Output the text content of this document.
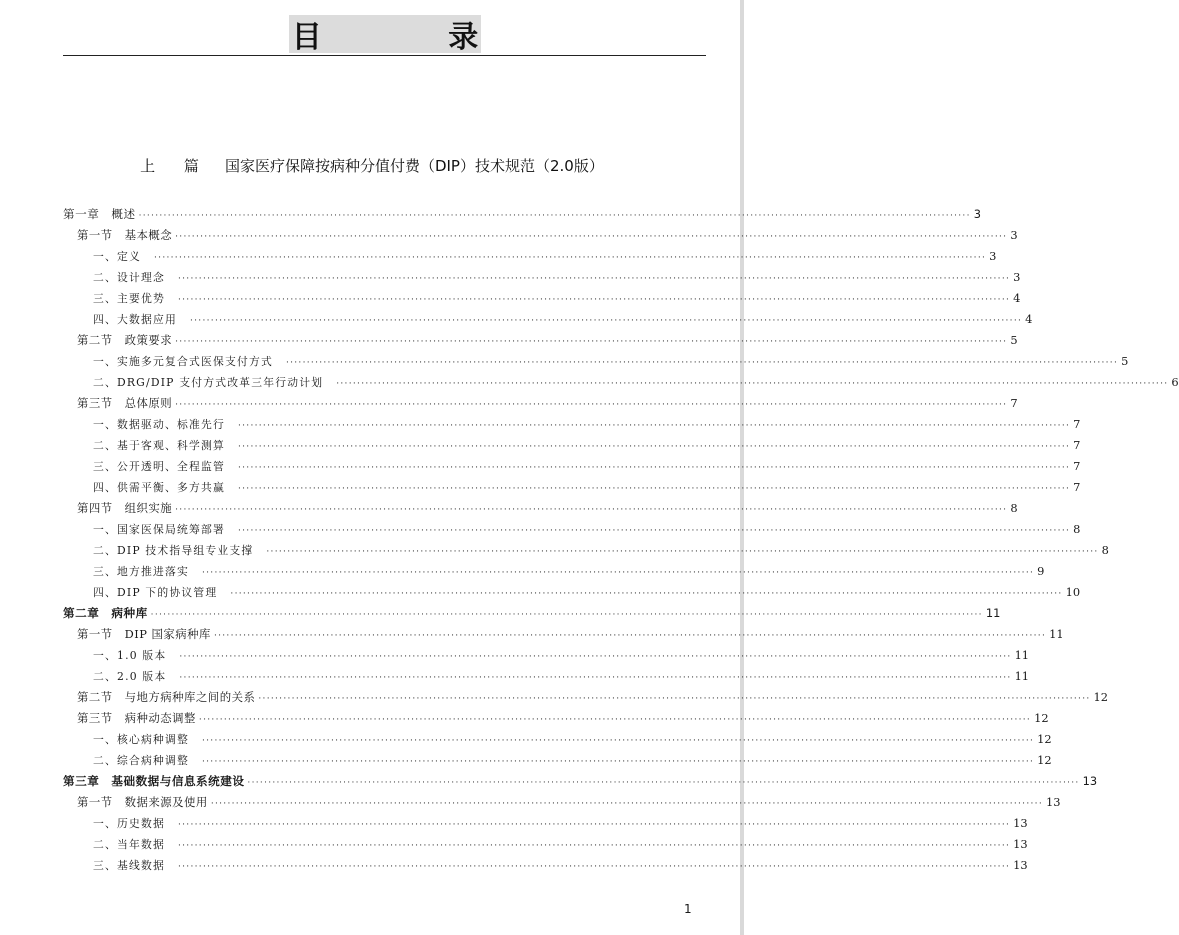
目 录
上 篇 国家医疗保障按病种分值付费（DIP）技术规范（2.0版）
第一章　概述 ········································································································································································································ 3
第一节　基本概念 ········································································································································································································ 3
一、定义	········································································································································································································ 3
二、设计理念	········································································································································································································ 3
三、主要优势	········································································································································································································ 4
四、大数据应用	········································································································································································································ 4
第二节　政策要求 ········································································································································································································ 5
一、实施多元复合式医保支付方式	········································································································································································································ 5
二、DRG/DIP 支付方式改革三年行动计划	········································································································································································································ 6
第三节　总体原则 ········································································································································································································ 7
一、数据驱动、标准先行	········································································································································································································ 7
二、基于客观、科学测算	········································································································································································································ 7
三、公开透明、全程监管	········································································································································································································ 7
四、供需平衡、多方共赢	········································································································································································································ 7
第四节　组织实施 ········································································································································································································ 8
一、国家医保局统筹部署	········································································································································································································ 8
二、DIP 技术指导组专业支撑	········································································································································································································ 8
三、地方推进落实	········································································································································································································ 9
四、DIP 下的协议管理	········································································································································································································ 10
第二章　病种库 ········································································································································································································ 11
第一节　DIP 国家病种库 ········································································································································································································ 11
一、1.0 版本	········································································································································································································ 11
二、2.0 版本	········································································································································································································ 11
第二节　与地方病种库之间的关系 ········································································································································································································ 12
第三节　病种动态调整 ········································································································································································································ 12
一、核心病种调整	········································································································································································································ 12
二、综合病种调整	········································································································································································································ 12
第三章　基础数据与信息系统建设 ········································································································································································································ 13
第一节　数据来源及使用 ········································································································································································································ 13
一、历史数据	········································································································································································································ 13
二、当年数据	········································································································································································································ 13
三、基线数据	········································································································································································································ 13
1
